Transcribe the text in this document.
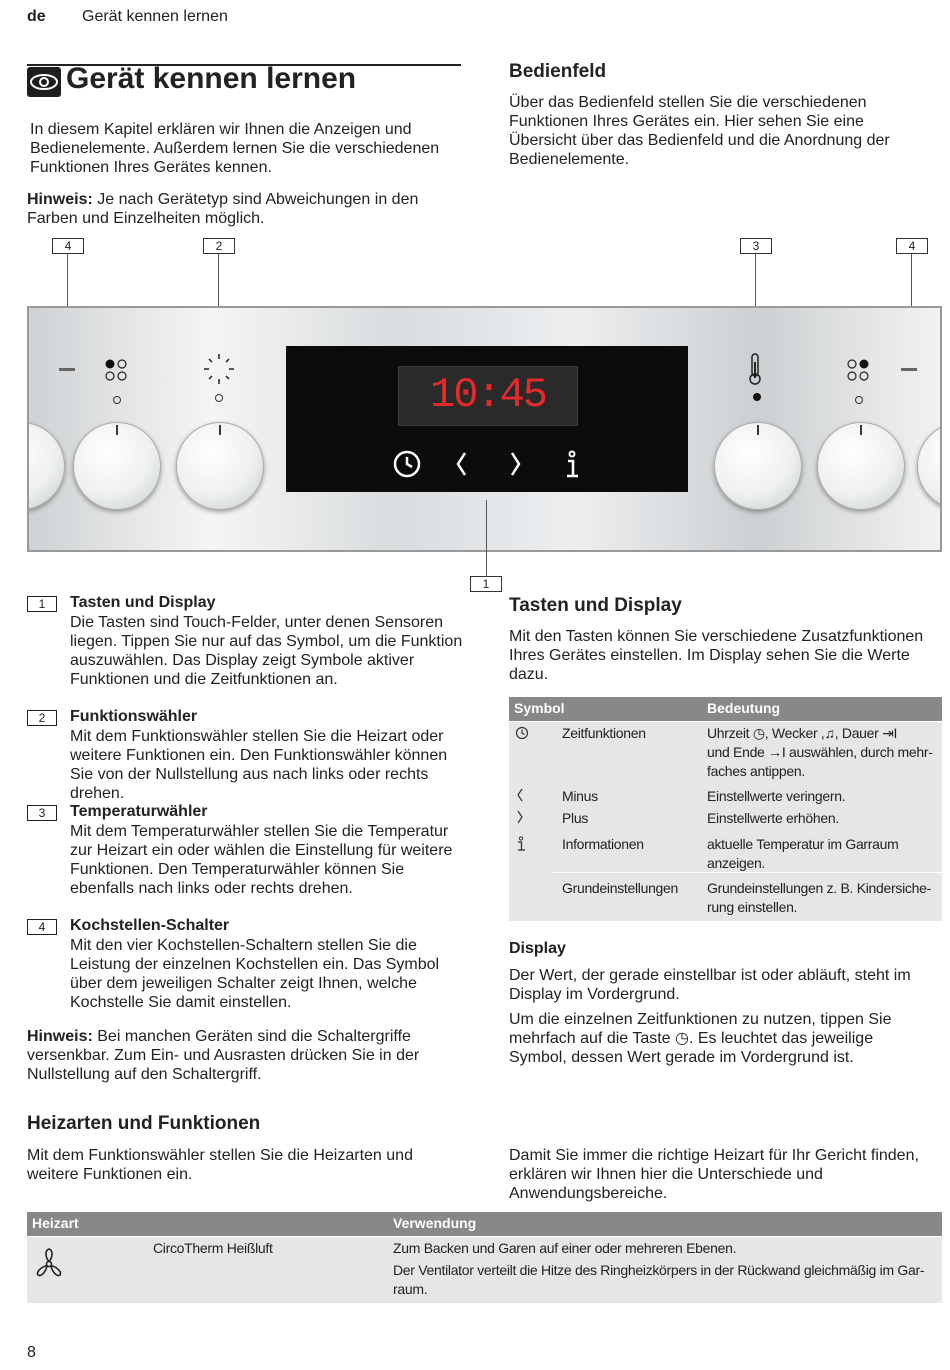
de Gerät kennen lernen
Gerät kennen lernen
In diesem Kapitel erklären wir Ihnen die Anzeigen und Bedienelemente. Außerdem lernen Sie die verschiedenen Funktionen Ihres Gerätes kennen.
Hinweis: Je nach Gerätetyp sind Abweichungen in den Farben und Einzelheiten möglich.
Bedienfeld
Über das Bedienfeld stellen Sie die verschiedenen Funktionen Ihres Gerätes ein. Hier sehen Sie eine Übersicht über das Bedienfeld und die Anordnung der Bedienelemente.
4	2	3	4
10:45
1
1	Tasten und Display
Die Tasten sind Touch-Felder, unter denen Sensoren liegen. Tippen Sie nur auf das Symbol, um die Funktion auszuwählen. Das Display zeigt Symbole aktiver Funktionen und die Zeitfunktionen an.
2	Funktionswähler
Mit dem Funktionswähler stellen Sie die Heizart oder weitere Funktionen ein. Den Funktionswähler können Sie von der Nullstellung aus nach links oder rechts drehen.
3	Temperaturwähler
Mit dem Temperaturwähler stellen Sie die Temperatur zur Heizart ein oder wählen die Einstellung für weitere Funktionen. Den Temperaturwähler können Sie ebenfalls nach links oder rechts drehen.
4	Kochstellen-Schalter
Mit den vier Kochstellen-Schaltern stellen Sie die Leistung der einzelnen Kochstellen ein. Das Symbol über dem jeweiligen Schalter zeigt Ihnen, welche Kochstelle Sie damit einstellen.
Hinweis: Bei manchen Geräten sind die Schaltergriffe versenkbar. Zum Ein- und Ausrasten drücken Sie in der Nullstellung auf den Schaltergriff.
Tasten und Display
Mit den Tasten können Sie verschiedene Zusatzfunktionen Ihres Gerätes einstellen. Im Display sehen Sie die Werte dazu.
Symbol	Bedeutung
Zeitfunktionen	Uhrzeit ◷, Wecker ,♫, Dauer ⇥I
und Ende →I auswählen, durch mehr-
faches antippen.
Minus	Einstellwerte veringern.
Plus	Einstellwerte erhöhen.
Informationen	aktuelle Temperatur im Garraum
anzeigen.
Grundeinstellungen Grundeinstellungen z. B. Kindersiche-
rung einstellen.
Display
Der Wert, der gerade einstellbar ist oder abläuft, steht im Display im Vordergrund.
Um die einzelnen Zeitfunktionen zu nutzen, tippen Sie mehrfach auf die Taste ◷. Es leuchtet das jeweilige Symbol, dessen Wert gerade im Vordergrund ist.
Heizarten und Funktionen
Mit dem Funktionswähler stellen Sie die Heizarten und weitere Funktionen ein.
Damit Sie immer die richtige Heizart für Ihr Gericht finden, erklären wir Ihnen hier die Unterschiede und Anwendungsbereiche.
Heizart	Verwendung
CircoTherm Heißluft	Zum Backen und Garen auf einer oder mehreren Ebenen.
Der Ventilator verteilt die Hitze des Ringheizkörpers in der Rückwand gleichmäßig im Gar-
raum.
8
